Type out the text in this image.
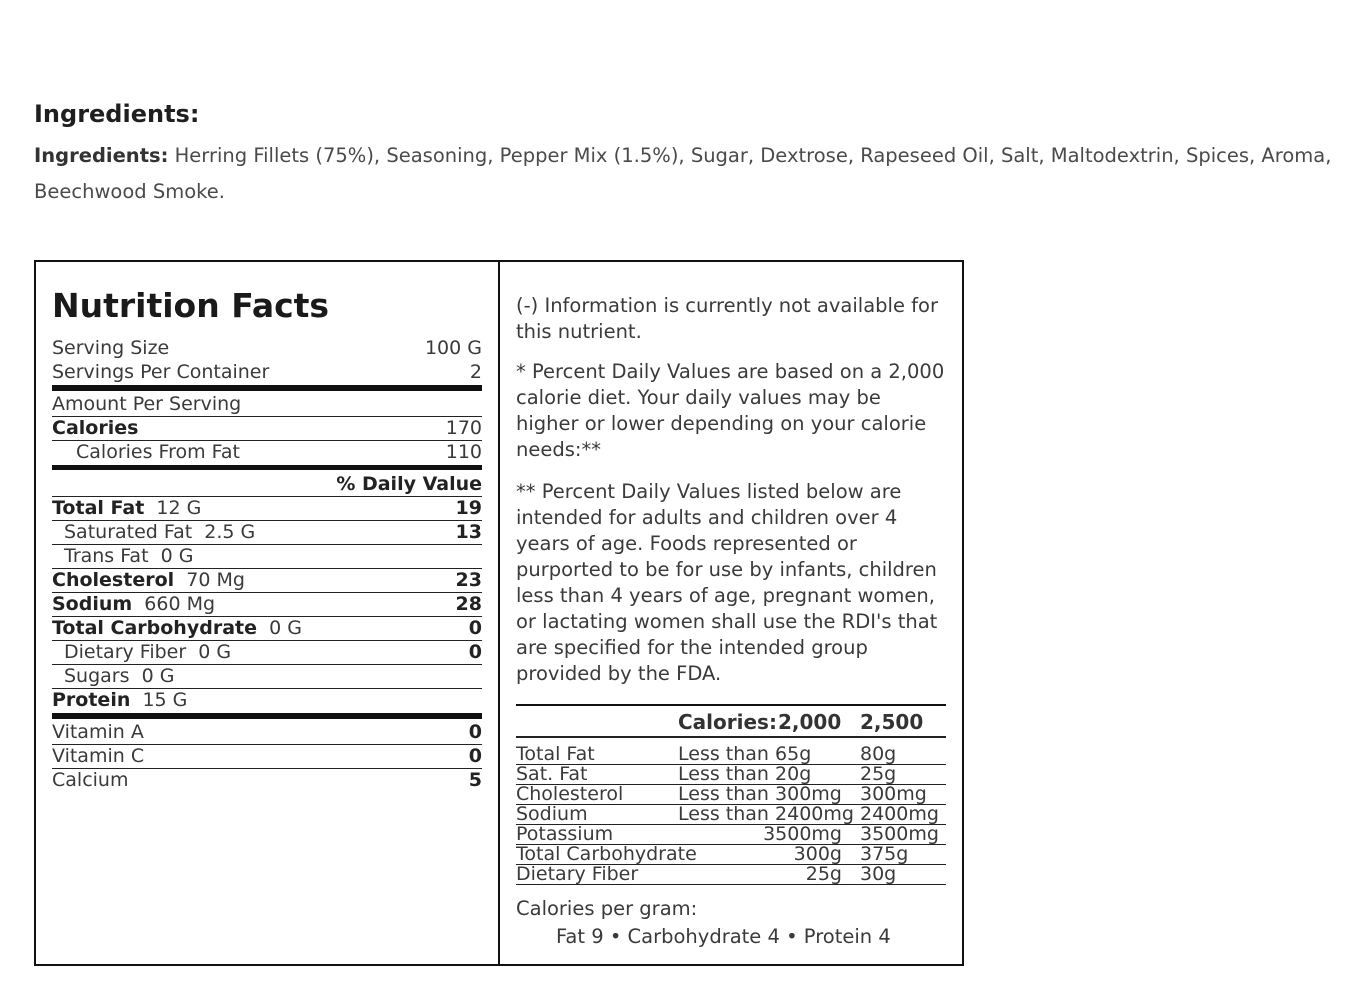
Ingredients:
Ingredients: Herring Fillets (75%), Seasoning, Pepper Mix (1.5%), Sugar, Dextrose, Rapeseed Oil, Salt, Maltodextrin, Spices, Aroma, Beechwood Smoke.
Nutrition Facts
Serving Size	100 G
Servings Per Container	2
Amount Per Serving
Calories	170
Calories From Fat	110
% Daily Value
Total Fat 12 G	19
Saturated Fat 2.5 G	13
Trans Fat 0 G
Cholesterol 70 Mg	23
Sodium 660 Mg	28
Total Carbohydrate 0 G	0
Dietary Fiber 0 G	0
Sugars 0 G
Protein 15 G
Vitamin A	0
Vitamin C	0
Calcium	5
(-) Information is currently not available for this nutrient.
* Percent Daily Values are based on a 2,000 calorie diet. Your daily values may be higher or lower depending on your calorie needs:**
** Percent Daily Values listed below are intended for adults and children over 4 years of age. Foods represented or purported to be for use by infants, children less than 4 years of age, pregnant women, or lactating women shall use the RDI's that are specified for the intended group provided by the FDA.
Calories: 2,000 2,500
Total Fat	Less than 65g	80g
Sat. Fat	Less than 20g	25g
Cholesterol	Less than 300mg 300mg
Sodium	Less than 2400mg 2400mg
Potassium	3500mg 3500mg
Total Carbohydrate	300g 375g
Dietary Fiber	25g 30g
Calories per gram:
Fat 9 • Carbohydrate 4 • Protein 4
